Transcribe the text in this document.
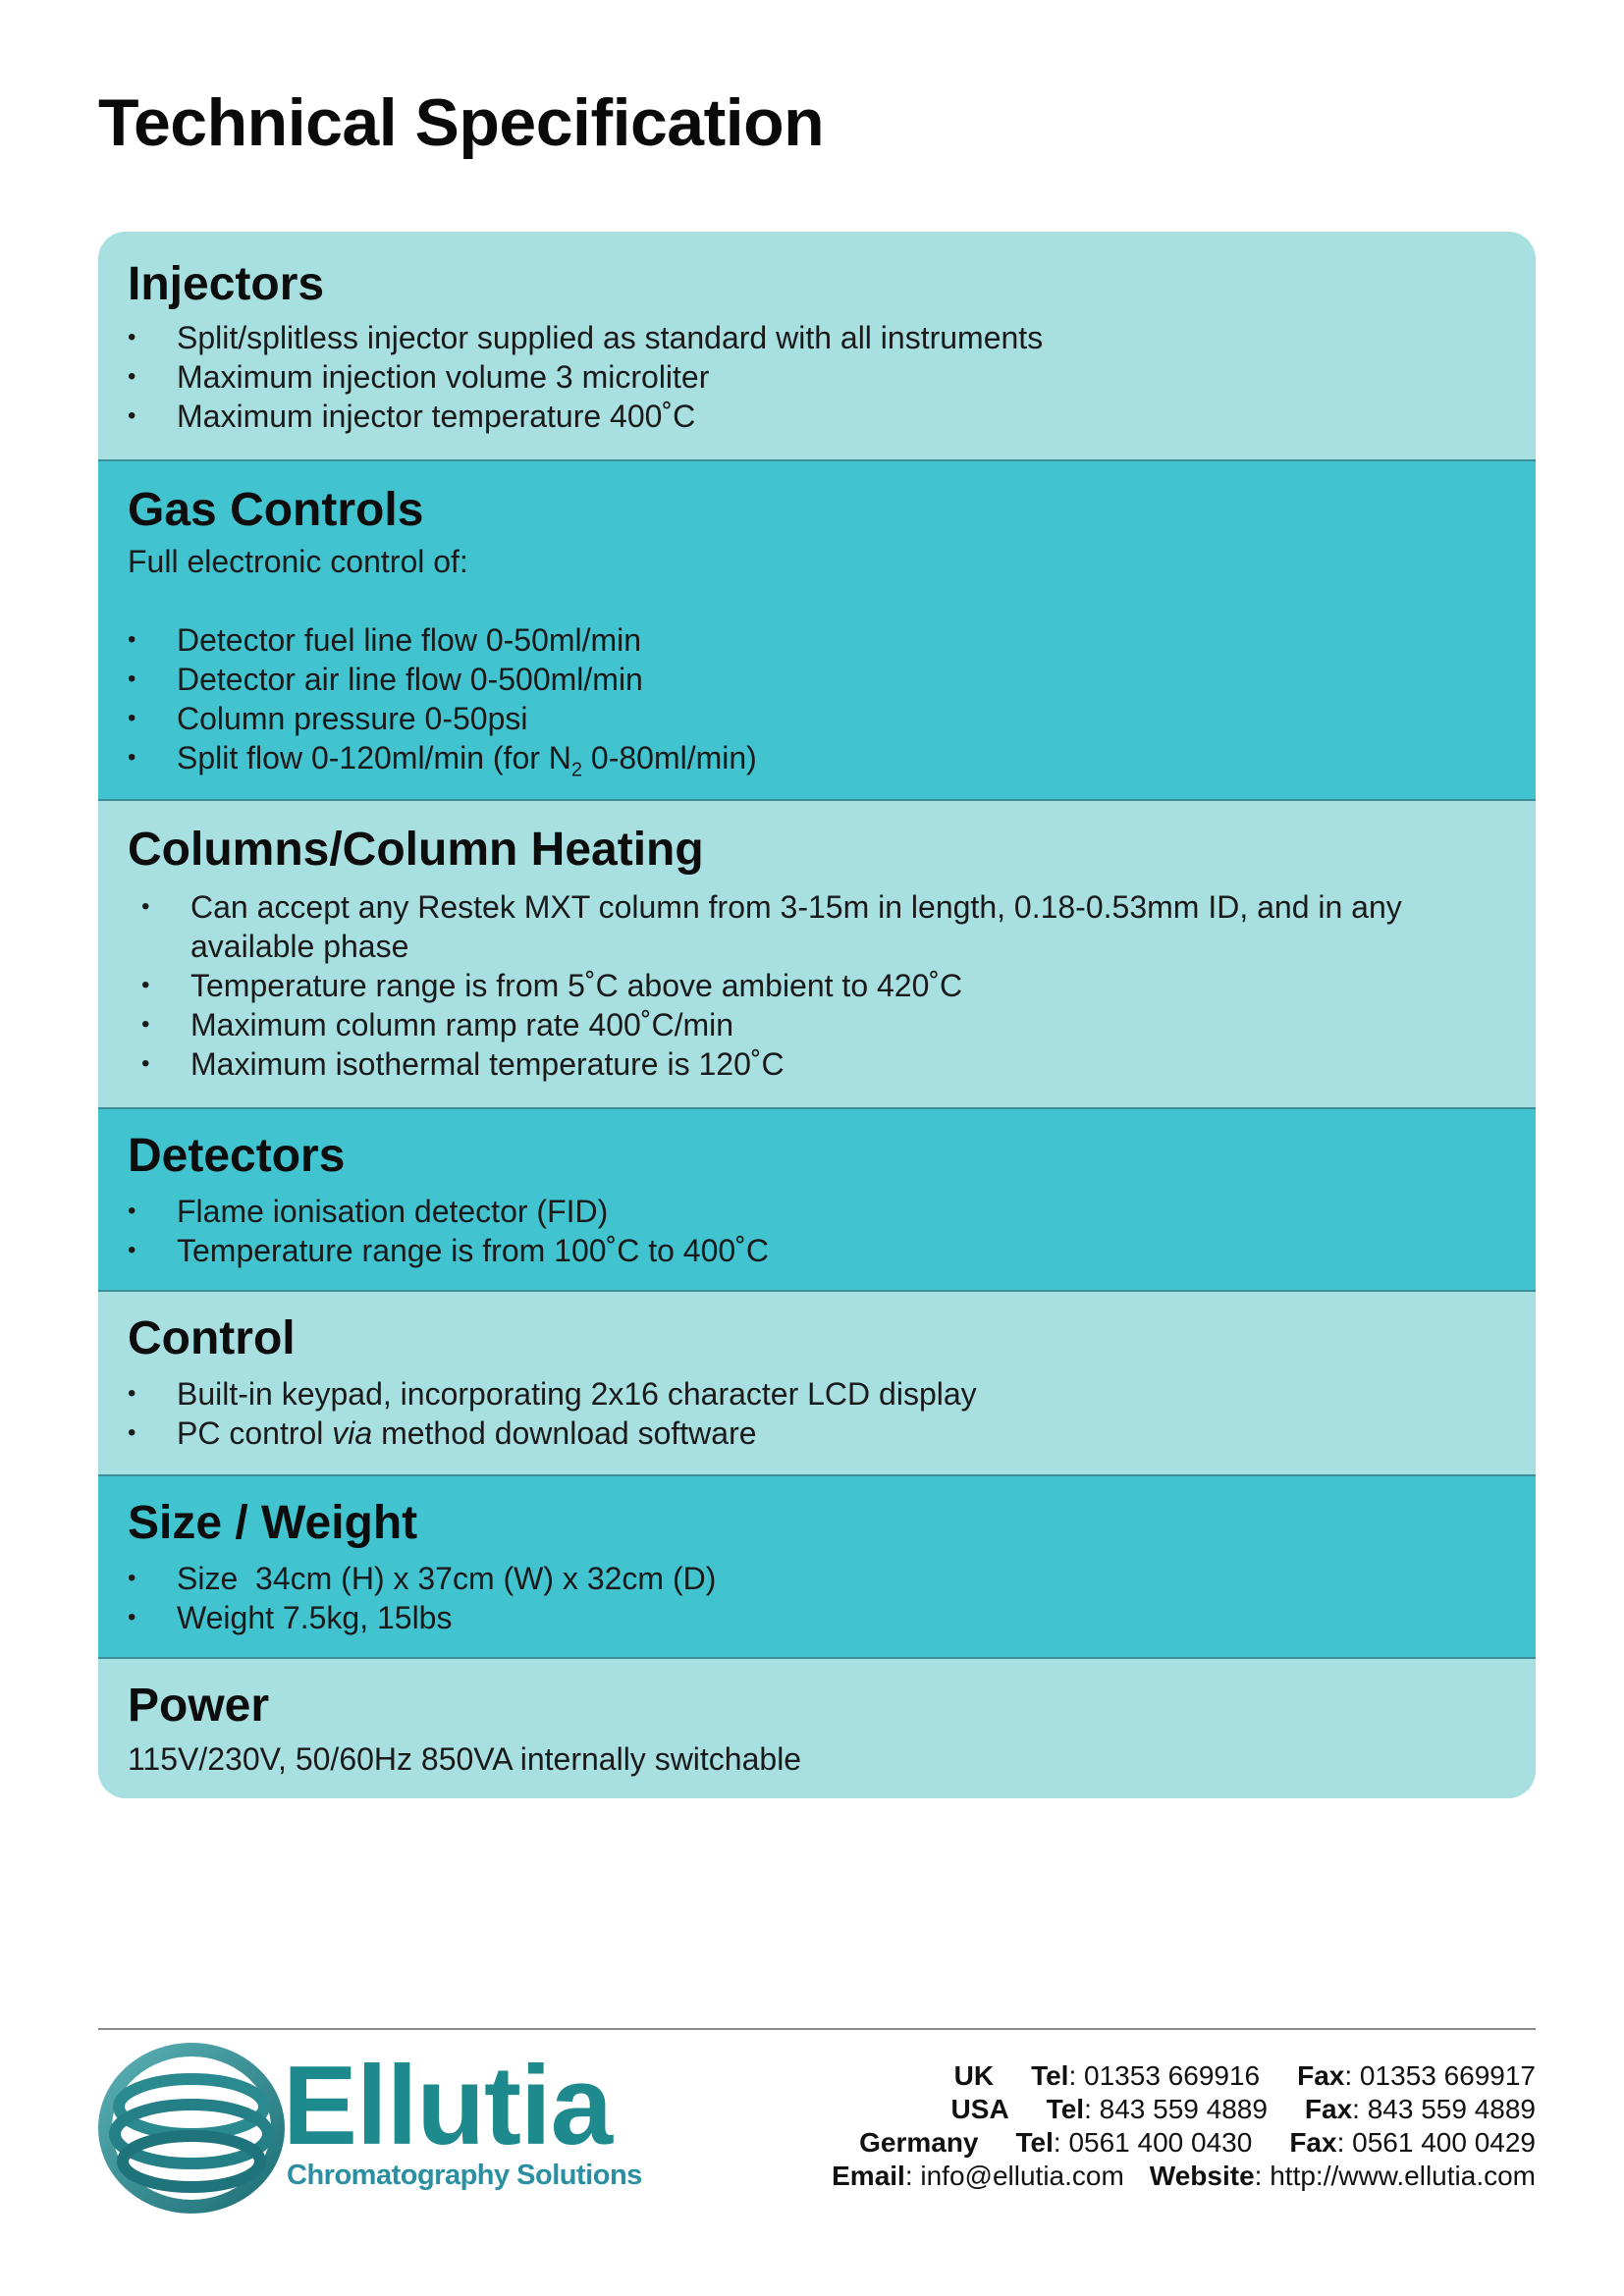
Technical Specification
Injectors
• Split/splitless injector supplied as standard with all instruments
• Maximum injection volume 3 microliter
• Maximum injector temperature 400˚C
Gas Controls

Full electronic control of:

• Detector fuel line flow 0-50ml/min
• Detector air line flow 0-500ml/min
• Column pressure 0-50psi
• Split flow 0-120ml/min (for $N_2$ 0-80ml/min)
Columns/Column Heating
• Can accept any Restek MXT column from 3-15m in length, 0.18-0.53mm ID, and in any available phase
• Temperature range is from 5˚C above ambient to 420˚C
• Maximum column ramp rate 400˚C/min
• Maximum isothermal temperature is 120˚C
Detectors
• Flame ionisation detector (FID)
• Temperature range is from 100˚C to 400˚C
Control
• Built-in keypad, incorporating 2x16 character LCD display
• PC control via method download software
Size / Weight
• Size  34cm (H) x 37cm (W) x 32cm (D)
• Weight 7.5kg, 15lbs
Power

115V/230V, 50/60Hz 850VA internally switchable

Ellutia
Chromatography Solutions
UK Tel: 01353 669916 Fax: 01353 669917
USA Tel: 843 559 4889 Fax: 843 559 4889
Germany Tel: 0561 400 0430 Fax: 0561 400 0429
Email: info@ellutia.com Website: http://www.ellutia.com
